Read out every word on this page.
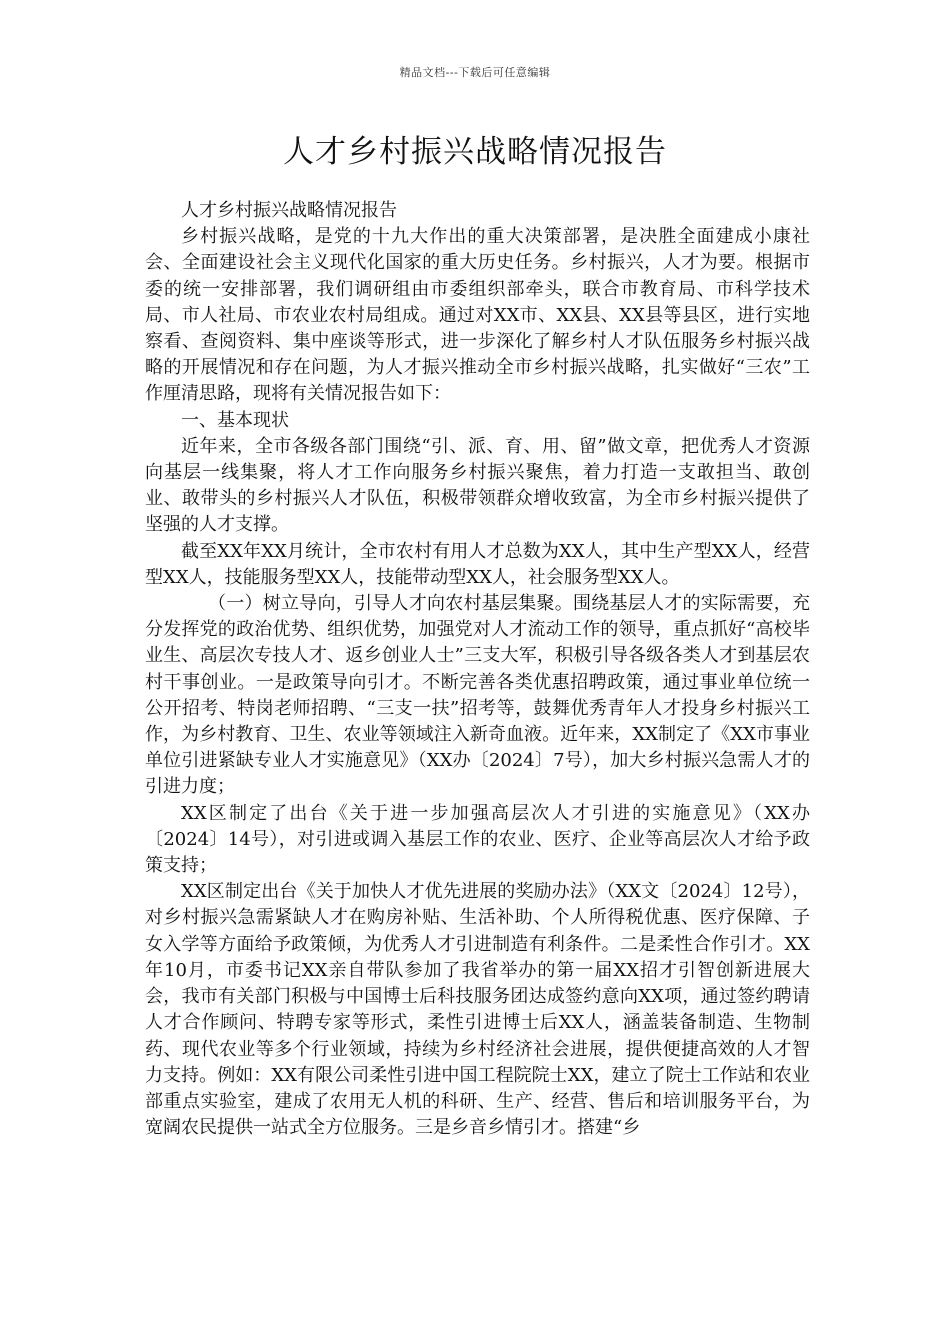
精品文档---下载后可任意编辑
人才乡村振兴战略情况报告

人才乡村振兴战略情况报告

乡村振兴战略，是党的十九大作出的重大决策部署，是决胜全面建成小康社会、全面建设社会主义现代化国家的重大历史任务。乡村振兴，人才为要。根据市委的统一安排部署，我们调研组由市委组织部牵头，联合市教育局、市科学技术局、市人社局、市农业农村局组成。通过对XX市、XX县、XX县等县区，进行实地察看、查阅资料、集中座谈等形式，进一步深化了解乡村人才队伍服务乡村振兴战略的开展情况和存在问题，为人才振兴推动全市乡村振兴战略，扎实做好“三农”工作厘清思路，现将有关情况报告如下：

一、基本现状

近年来，全市各级各部门围绕“引、派、育、用、留”做文章，把优秀人才资源向基层一线集聚，将人才工作向服务乡村振兴聚焦，着力打造一支敢担当、敢创业、敢带头的乡村振兴人才队伍，积极带领群众增收致富，为全市乡村振兴提供了坚强的人才支撑。

截至XX年XX月统计，全市农村有用人才总数为XX人，其中生产型XX人，经营型XX人，技能服务型XX人，技能带动型XX人，社会服务型XX人。

（一）树立导向，引导人才向农村基层集聚。围绕基层人才的实际需要，充分发挥党的政治优势、组织优势，加强党对人才流动工作的领导，重点抓好“高校毕业生、高层次专技人才、返乡创业人士”三支大军，积极引导各级各类人才到基层农村干事创业。一是政策导向引才。不断完善各类优惠招聘政策，通过事业单位统一公开招考、特岗老师招聘、“三支一扶”招考等，鼓舞优秀青年人才投身乡村振兴工作，为乡村教育、卫生、农业等领域注入新奇血液。近年来，XX制定了《XX市事业单位引进紧缺专业人才实施意见》（XX办〔2024〕7号），加大乡村振兴急需人才的引进力度；

XX区制定了出台《关于进一步加强高层次人才引进的实施意见》（XX办〔2024〕14号），对引进或调入基层工作的农业、医疗、企业等高层次人才给予政策支持；

XX区制定出台《关于加快人才优先进展的奖励办法》（XX文〔2024〕12号），对乡村振兴急需紧缺人才在购房补贴、生活补助、个人所得税优惠、医疗保障、子女入学等方面给予政策倾，为优秀人才引进制造有利条件。二是柔性合作引才。XX年10月，市委书记XX亲自带队参加了我省举办的第一届XX招才引智创新进展大会，我市有关部门积极与中国博士后科技服务团达成签约意向XX项，通过签约聘请人才合作顾问、特聘专家等形式，柔性引进博士后XX人，涵盖装备制造、生物制药、现代农业等多个行业领域，持续为乡村经济社会进展，提供便捷高效的人才智力支持。例如：XX有限公司柔性引进中国工程院院士XX，建立了院士工作站和农业部重点实验室，建成了农用无人机的科研、生产、经营、售后和培训服务平台，为宽阔农民提供一站式全方位服务。三是乡音乡情引才。搭建“乡
